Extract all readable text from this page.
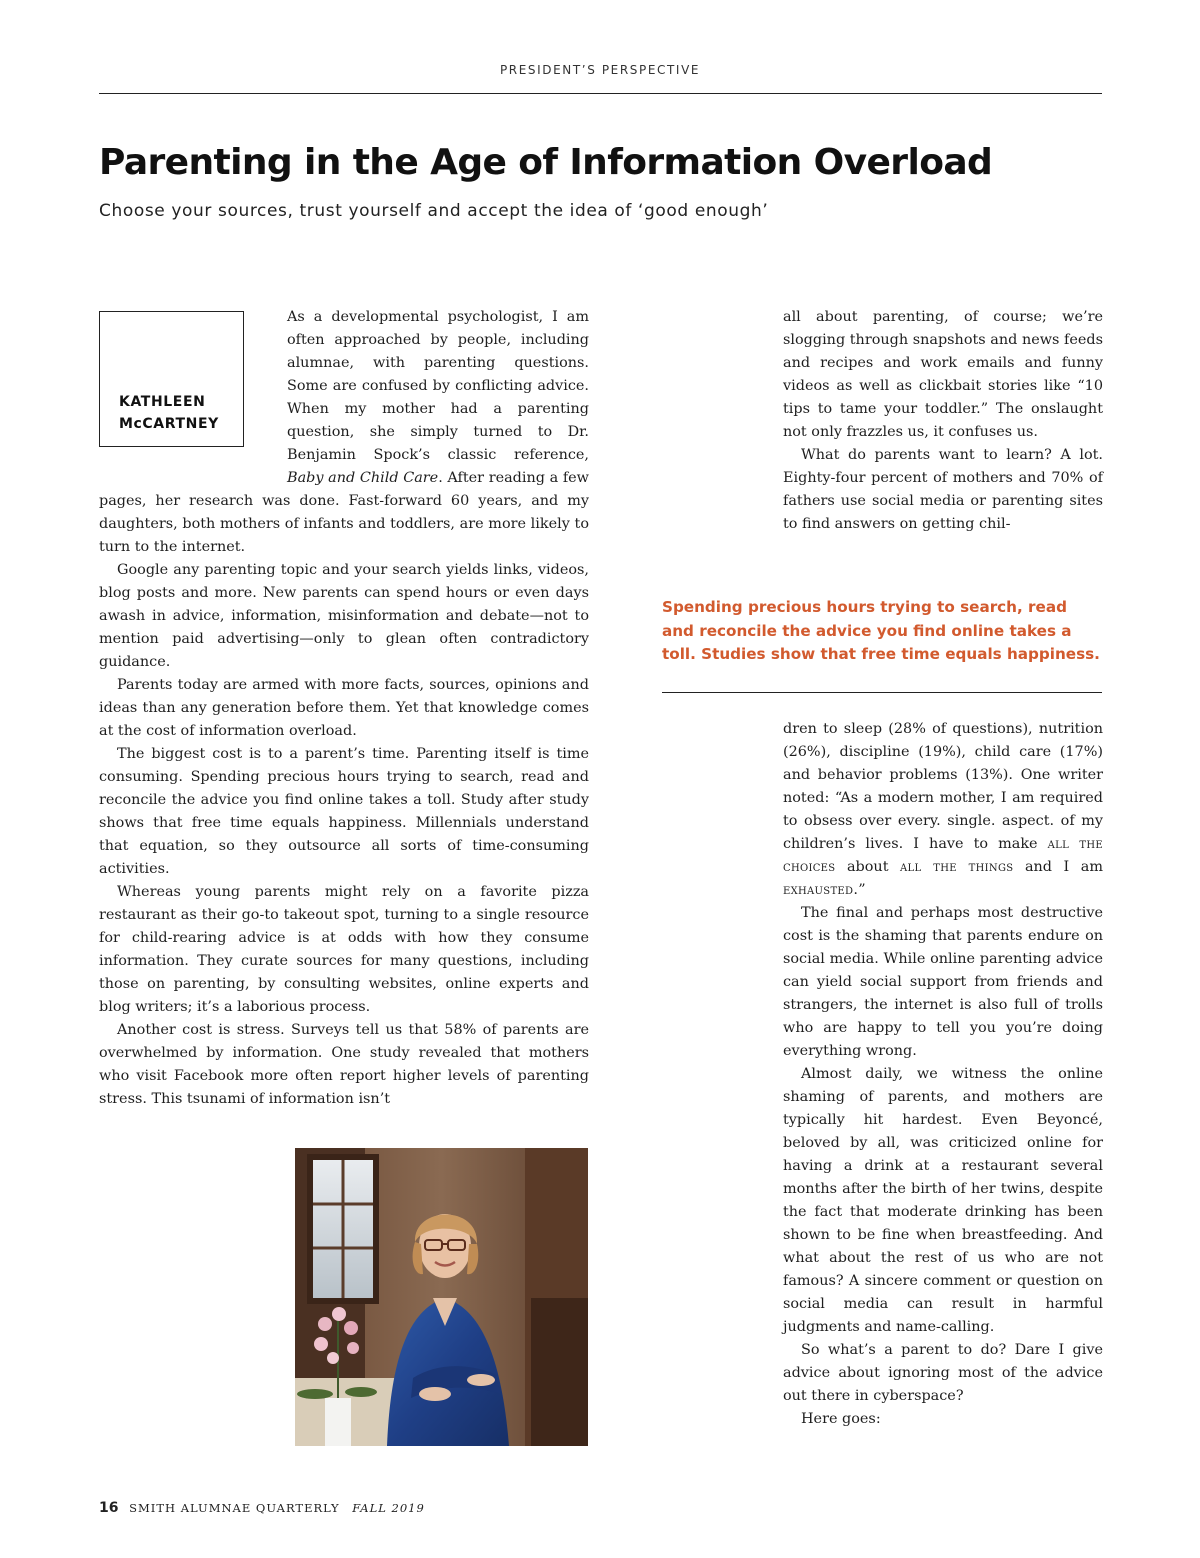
PRESIDENT’S PERSPECTIVE
Parenting in the Age of Information Overload

Choose your sources, trust yourself and accept the idea of ‘good enough’

KATHLEEN
McCARTNEY

As a developmental psychologist, I am often approached by people, including alumnae, with parenting questions. Some are confused by conflicting advice. When my mother had a parenting question, she simply turned to Dr. Benjamin Spock’s classic reference, Baby and Child Care. After reading a few pages, her research was done. Fast-forward 60 years, and my daughters, both mothers of infants and toddlers, are more likely to turn to the internet.

Google any parenting topic and your search yields links, videos, blog posts and more. New parents can spend hours or even days awash in advice, information, misinformation and debate—not to mention paid advertising—only to glean often contradictory guidance.

Parents today are armed with more facts, sources, opinions and ideas than any generation before them. Yet that knowledge comes at the cost of information overload.

The biggest cost is to a parent’s time. Parenting itself is time consuming. Spending precious hours trying to search, read and reconcile the advice you find online takes a toll. Study after study shows that free time equals happiness. Millennials understand that equation, so they outsource all sorts of time-consuming activities.

Whereas young parents might rely on a favorite pizza restaurant as their go-to takeout spot, turning to a single resource for child-rearing advice is at odds with how they consume information. They curate sources for many questions, including those on parenting, by consulting websites, online experts and blog writers; it’s a laborious process.

Another cost is stress. Surveys tell us that 58% of parents are overwhelmed by information. One study revealed that mothers who visit Facebook more often report higher levels of parenting stress. This tsunami of information isn’t

all about parenting, of course; we’re slogging through snapshots and news feeds and recipes and work emails and funny videos as well as clickbait stories like “10 tips to tame your toddler.” The onslaught not only frazzles us, it confuses us.

What do parents want to learn? A lot. Eighty-four percent of mothers and 70% of fathers use social media or parenting sites to find answers on getting chil-

Spending precious hours trying to search, read and reconcile the advice you find online takes a toll. Studies show that free time equals happiness.

dren to sleep (28% of questions), nutrition (26%), discipline (19%), child care (17%) and behavior problems (13%). One writer noted: “As a modern mother, I am required to obsess over every. single. aspect. of my children’s lives. I have to make all the choices about all the things and I am exhausted.”

The final and perhaps most destructive cost is the shaming that parents endure on social media. While online parenting advice can yield social support from friends and strangers, the internet is also full of trolls who are happy to tell you you’re doing everything wrong.

Almost daily, we witness the online shaming of parents, and mothers are typically hit hardest. Even Beyoncé, beloved by all, was criticized online for having a drink at a restaurant several months after the birth of her twins, despite the fact that moderate drinking has been shown to be fine when breastfeeding. And what about the rest of us who are not famous? A sincere comment or question on social media can result in harmful judgments and name-calling.

So what’s a parent to do? Dare I give advice about ignoring most of the advice out there in cyberspace?

Here goes:

16 SMITH ALUMNAE QUARTERLY FALL 2019
